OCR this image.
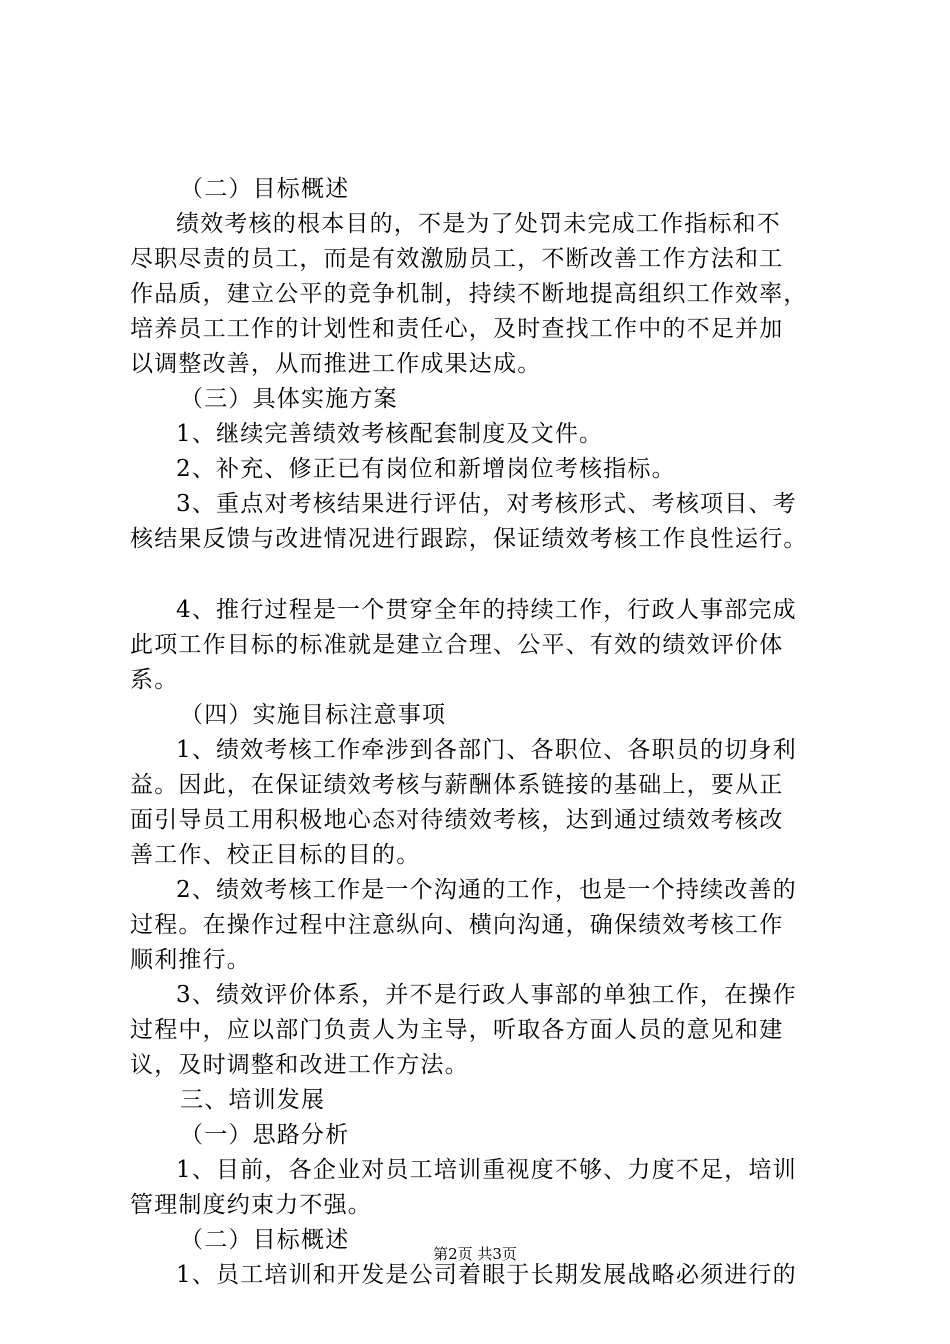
（二）目标概述
绩效考核的根本目的，不是为了处罚未完成工作指标和不
尽职尽责的员工，而是有效激励员工，不断改善工作方法和工
作品质，建立公平的竞争机制，持续不断地提高组织工作效率，
培养员工工作的计划性和责任心，及时查找工作中的不足并加
以调整改善，从而推进工作成果达成。
（三）具体实施方案
1、继续完善绩效考核配套制度及文件。
2、补充、修正已有岗位和新增岗位考核指标。
3、重点对考核结果进行评估，对考核形式、考核项目、考
核结果反馈与改进情况进行跟踪，保证绩效考核工作良性运行。
4、推行过程是一个贯穿全年的持续工作，行政人事部完成
此项工作目标的标准就是建立合理、公平、有效的绩效评价体
系。
（四）实施目标注意事项
1、绩效考核工作牵涉到各部门、各职位、各职员的切身利
益。因此，在保证绩效考核与薪酬体系链接的基础上，要从正
面引导员工用积极地心态对待绩效考核，达到通过绩效考核改
善工作、校正目标的目的。
2、绩效考核工作是一个沟通的工作，也是一个持续改善的
过程。在操作过程中注意纵向、横向沟通，确保绩效考核工作
顺利推行。
3、绩效评价体系，并不是行政人事部的单独工作，在操作
过程中，应以部门负责人为主导，听取各方面人员的意见和建
议，及时调整和改进工作方法。
三、培训发展
（一）思路分析
1、目前，各企业对员工培训重视度不够、力度不足，培训
管理制度约束力不强。
（二）目标概述
1、员工培训和开发是公司着眼于长期发展战略必须进行的
第2页 共3页
